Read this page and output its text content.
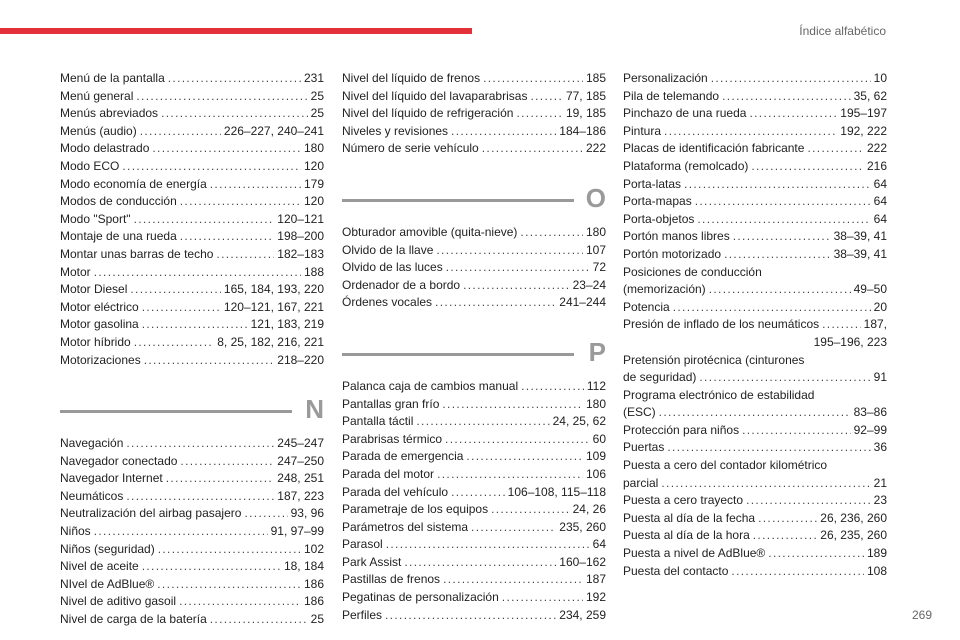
Índice alfabético
Menú de la pantalla . . .	231
Menú general . . .	25
Menús abreviados . . .	25
Menús (audio) . . .	226–227, 240–241
Modo delastrado . . .	180
Modo ECO . . .	120
Modo economía de energía . . .	179
Modos de conducción . . .	120
Modo "Sport" . . .	120–121
Montaje de una rueda . . .	198–200
Montar unas barras de techo . . .	182–183
Motor . . .	188
Motor Diesel . . .	165, 184, 193, 220
Motor eléctrico . . .	120–121, 167, 221
Motor gasolina . . .	121, 183, 219
Motor híbrido . . .	8, 25, 182, 216, 221
Motorizaciones . . .	218–220
N
Navegación . . .	245–247
Navegador conectado . . .	247–250
Navegador Internet . . .	248, 251
Neumáticos . . .	187, 223
Neutralización del airbag pasajero . . .	93, 96
Niños . . .	91, 97–99
Niños (seguridad) . . .	102
Nivel de aceite . . .	18, 184
NIvel de AdBlue® . . .	186
Nivel de aditivo gasoil . . .	186
Nivel de carga de la batería . . .	25
Nivel del líquido de frenos . . .	185
Nivel del líquido del lavaparabrisas . . .	77, 185
Nivel del líquido de refrigeración . . .	19, 185
Niveles y revisiones . . .	184–186
Número de serie vehículo . . .	222
O
Obturador amovible (quita-nieve) . . .	180
Olvido de la llave . . .	107
Olvido de las luces . . .	72
Ordenador de a bordo . . .	23–24
Órdenes vocales . . .	241–244
P
Palanca caja de cambios manual . . .	112
Pantallas gran frío . . .	180
Pantalla táctil . . .	24, 25, 62
Parabrisas térmico . . .	60
Parada de emergencia . . .	109
Parada del motor . . .	106
Parada del vehículo . . .	106–108, 115–118
Parametraje de los equipos . . .	24, 26
Parámetros del sistema . . .	235, 260
Parasol . . .	64
Park Assist . . .	160–162
Pastillas de frenos . . .	187
Pegatinas de personalización . . .	192
Perfiles . . .	234, 259
Personalización . . .	10
Pila de telemando . . .	35, 62
Pinchazo de una rueda . . .	195–197
Pintura . . .	192, 222
Placas de identificación fabricante . . .	222
Plataforma (remolcado) . . .	216
Porta-latas . . .	64
Porta-mapas . . .	64
Porta-objetos . . .	64
Portón manos libres . . .	38–39, 41
Portón motorizado . . .	38–39, 41
Posiciones de conducción
(memorización) . . .	49–50
Potencia . . .	20
Presión de inflado de los neumáticos . . .	187,
195–196, 223
Pretensión pirotécnica (cinturones
de seguridad) . . .	91
Programa electrónico de estabilidad
(ESC) . . .	83–86
Protección para niños . . .	92–99
Puertas . . .	36
Puesta a cero del contador kilométrico
parcial . . .	21
Puesta a cero trayecto . . .	23
Puesta al día de la fecha . . .	26, 236, 260
Puesta al día de la hora . . .	26, 235, 260
Puesta a nivel de AdBlue® . . .	189
Puesta del contacto . . .	108
269
